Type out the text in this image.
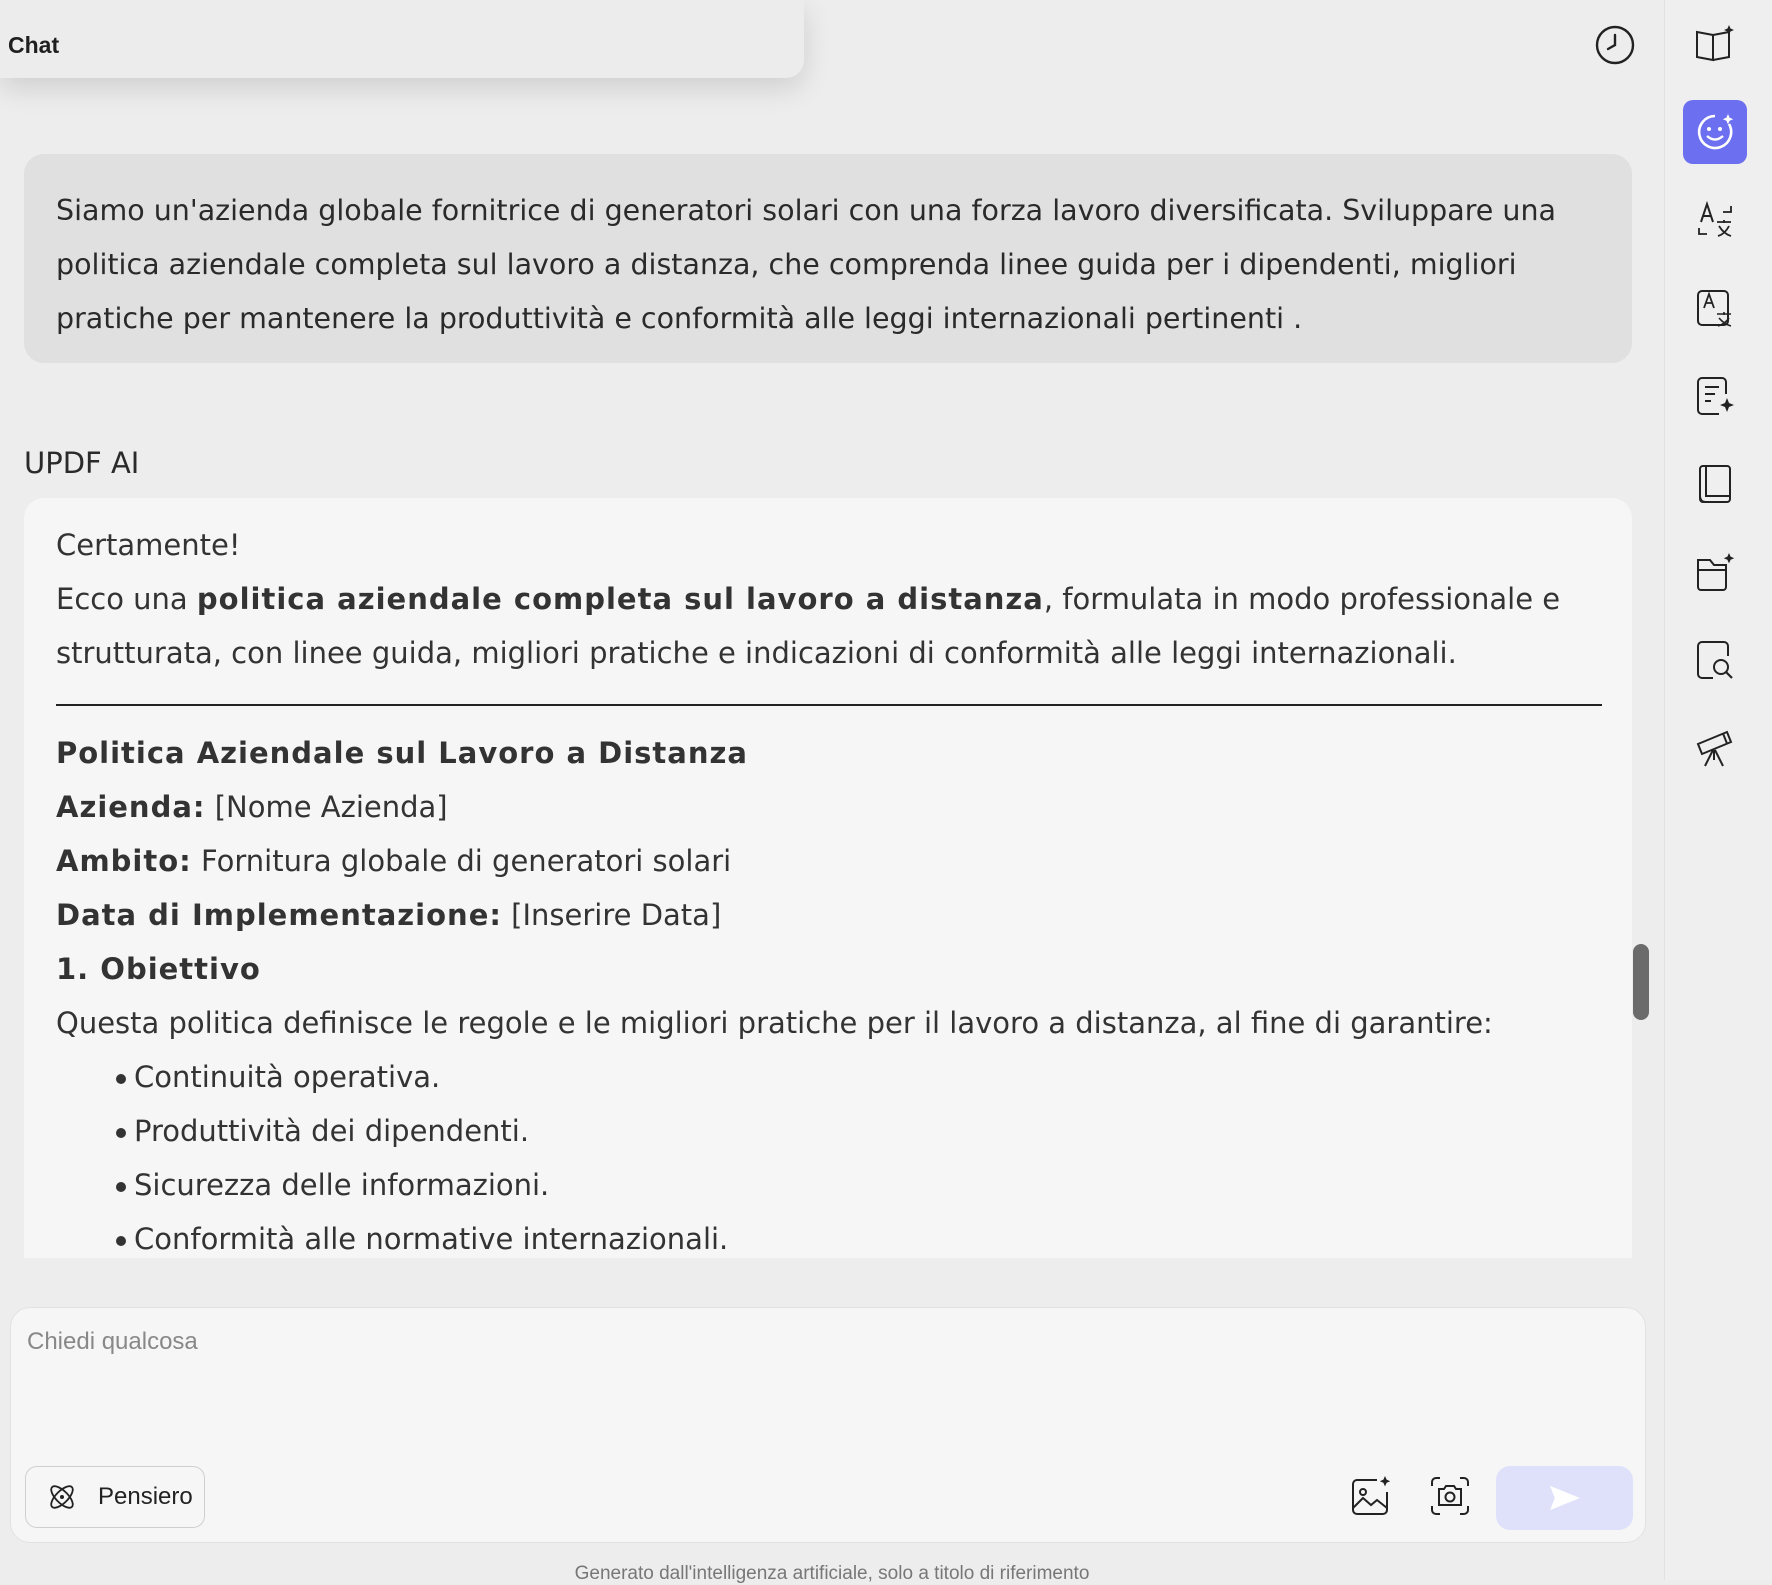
Chat
Siamo un'azienda globale fornitrice di generatori solari con una forza lavoro diversificata. Sviluppare una politica aziendale completa sul lavoro a distanza, che comprenda linee guida per i dipendenti, migliori pratiche per mantenere la produttività e conformità alle leggi internazionali pertinenti .
UPDF AI

Certamente!

Ecco una politica aziendale completa sul lavoro a distanza, formulata in modo professionale e strutturata, con linee guida, migliori pratiche e indicazioni di conformità alle leggi internazionali.

Politica Aziendale sul Lavoro a Distanza

Azienda: [Nome Azienda]

Ambito: Fornitura globale di generatori solari

Data di Implementazione: [Inserire Data]

1. Obiettivo

Questa politica definisce le regole e le migliori pratiche per il lavoro a distanza, al fine di garantire:

Continuità operativa.

Produttività dei dipendenti.

Sicurezza delle informazioni.

Conformità alle normative internazionali.

Chiedi qualcosa
Pensiero
Generato dall'intelligenza artificiale, solo a titolo di riferimento
